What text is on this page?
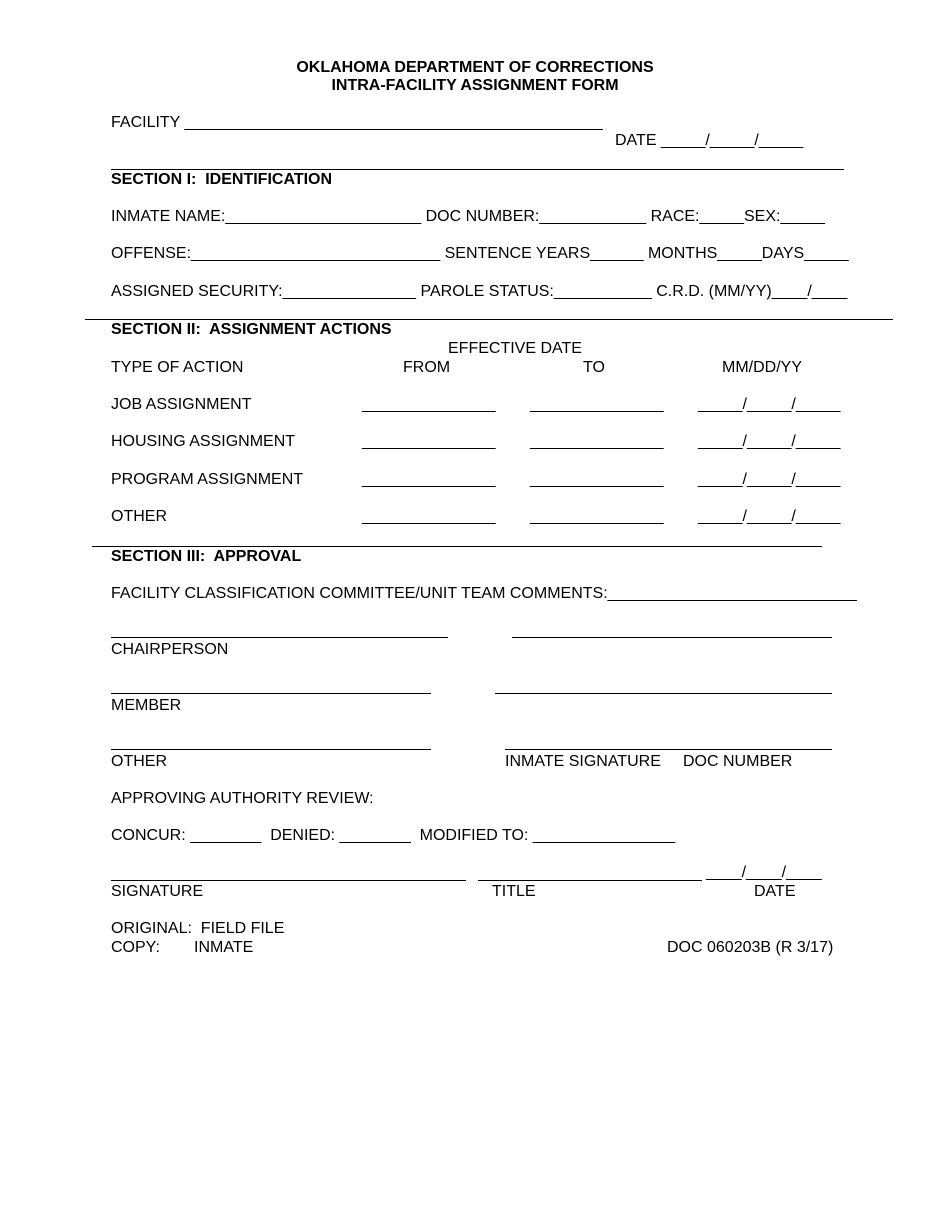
OKLAHOMA DEPARTMENT OF CORRECTIONS
INTRA-FACILITY ASSIGNMENT FORM
FACILITY _______________________________________________
DATE _____/_____/_____
SECTION I:  IDENTIFICATION
INMATE NAME:______________________ DOC NUMBER:____________ RACE:_____SEX:_____
OFFENSE:____________________________ SENTENCE YEARS______ MONTHS_____DAYS_____
ASSIGNED SECURITY:_______________ PAROLE STATUS:___________ C.R.D. (MM/YY)____/____
SECTION II:  ASSIGNMENT ACTIONS
EFFECTIVE DATE
TYPE OF ACTION	FROM	TO	MM/DD/YY
JOB ASSIGNMENT	_______________ _______________ _____/_____/_____
HOUSING ASSIGNMENT	_______________ _______________ _____/_____/_____
PROGRAM ASSIGNMENT	_______________ _______________ _____/_____/_____
OTHER	_______________ _______________ _____/_____/_____
SECTION III:  APPROVAL
FACILITY CLASSIFICATION COMMITTEE/UNIT TEAM COMMENTS:____________________________
CHAIRPERSON
MEMBER
OTHER	INMATE SIGNATURE DOC NUMBER
APPROVING AUTHORITY REVIEW:
CONCUR: ________  DENIED: ________  MODIFIED TO: ________________
____/____/____
SIGNATURE	TITLE	DATE
ORIGINAL:  FIELD FILE
COPY: INMATE	DOC 060203B (R 3/17)
